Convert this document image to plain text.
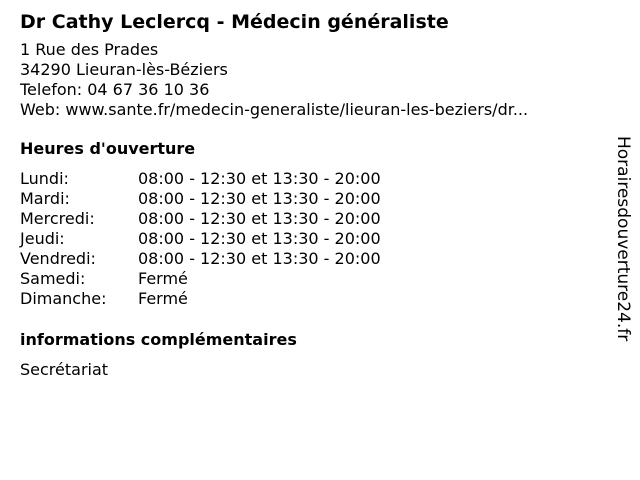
Dr Cathy Leclercq - Médecin généraliste
1 Rue des Prades
34290 Lieuran-lès-Béziers
Telefon: 04 67 36 10 36
Web: www.sante.fr/medecin-generaliste/lieuran-les-beziers/dr...
Heures d'ouverture
Lundi:	08:00 - 12:30 et 13:30 - 20:00
Mardi:	08:00 - 12:30 et 13:30 - 20:00
Mercredi:	08:00 - 12:30 et 13:30 - 20:00
Jeudi:	08:00 - 12:30 et 13:30 - 20:00
Vendredi:	08:00 - 12:30 et 13:30 - 20:00
Samedi:	Fermé
Dimanche:	Fermé
informations complémentaires
Secrétariat
Horairesdouverture24.fr
